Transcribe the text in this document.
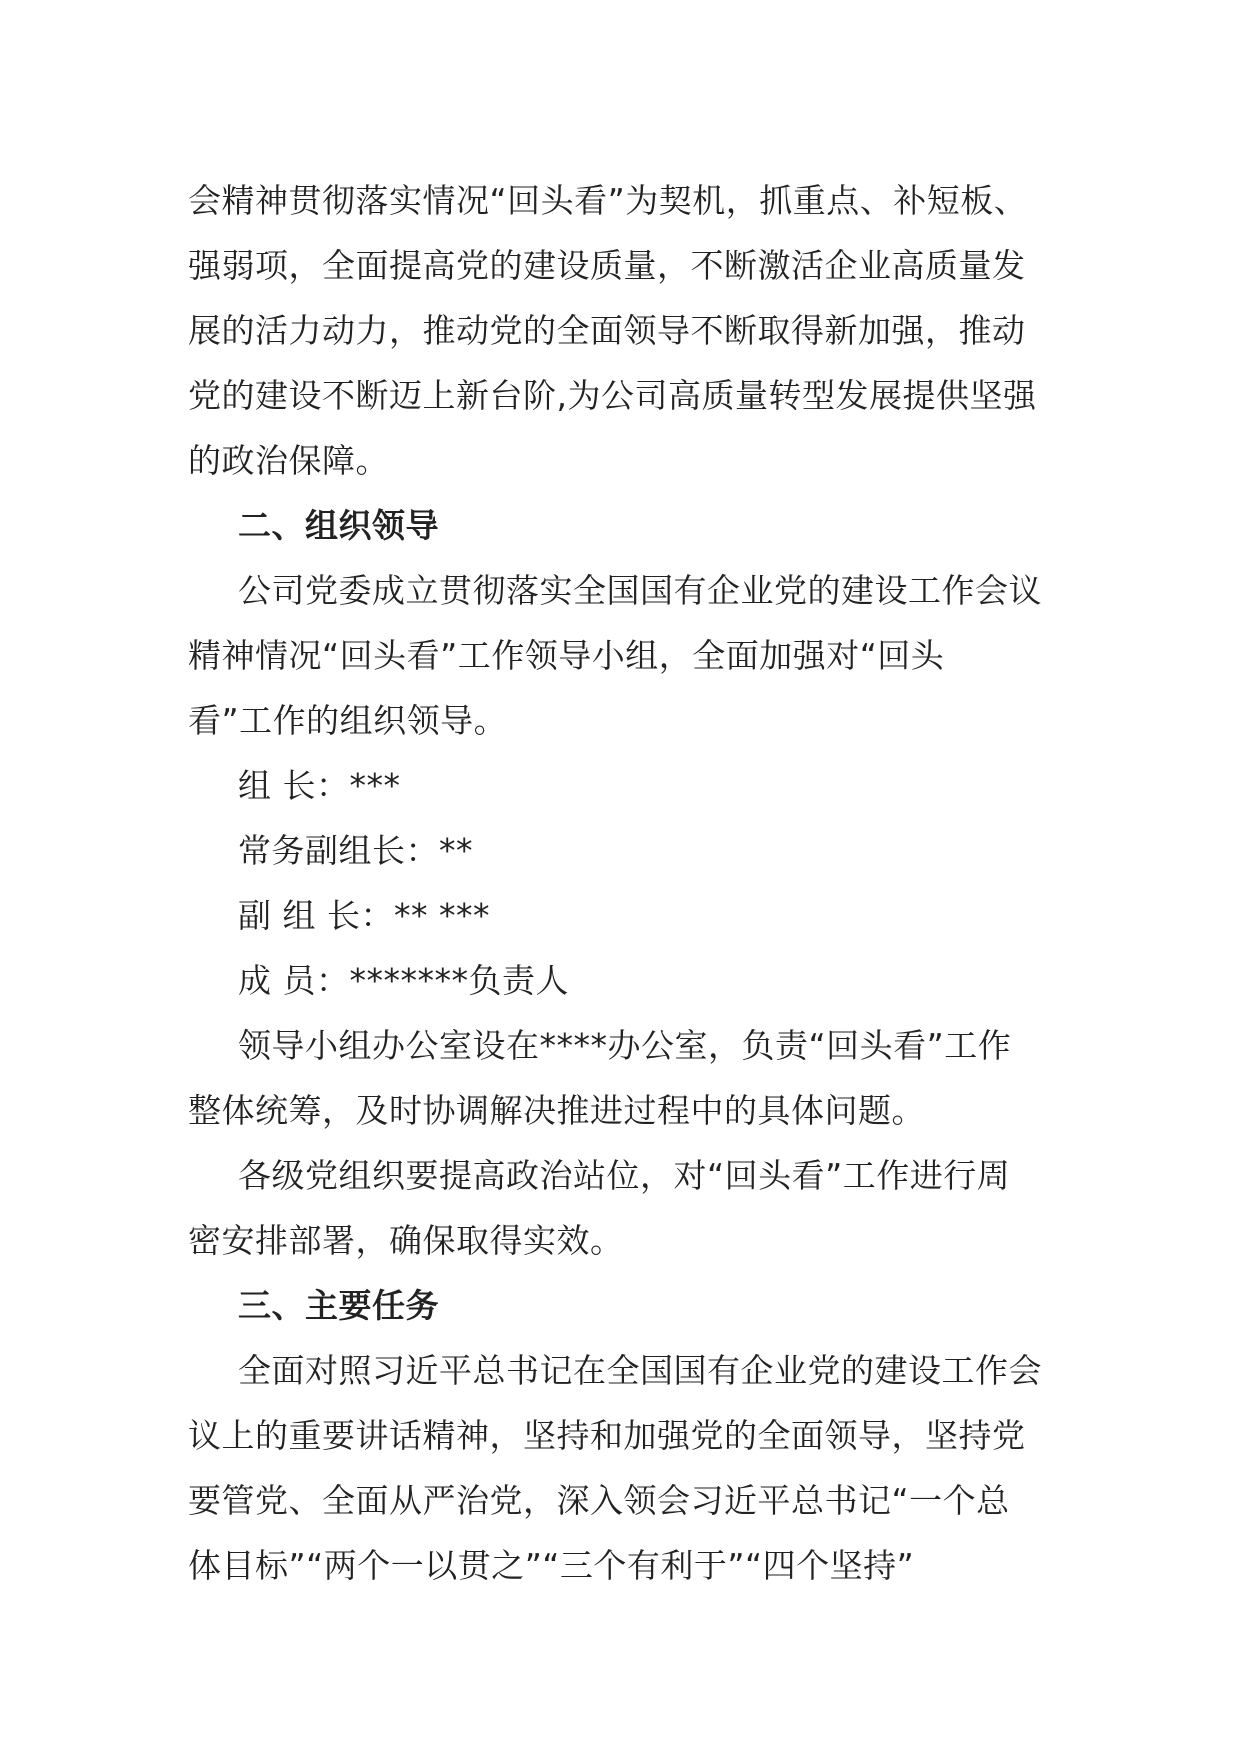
会精神贯彻落实情况“回头看”为契机，抓重点、补短板、
强弱项，全面提高党的建设质量，不断激活企业高质量发
展的活力动力，推动党的全面领导不断取得新加强，推动
党的建设不断迈上新台阶,为公司高质量转型发展提供坚强
的政治保障。
二、组织领导
公司党委成立贯彻落实全国国有企业党的建设工作会议
精神情况“回头看”工作领导小组，全面加强对“回头
看”工作的组织领导。
组 长：***
常务副组长：**
副 组 长：** ***
成 员：*******负责人
领导小组办公室设在****办公室，负责“回头看”工作
整体统筹，及时协调解决推进过程中的具体问题。
各级党组织要提高政治站位，对“回头看”工作进行周
密安排部署，确保取得实效。
三、主要任务
全面对照习近平总书记在全国国有企业党的建设工作会
议上的重要讲话精神，坚持和加强党的全面领导，坚持党
要管党、全面从严治党，深入领会习近平总书记“一个总
体目标”“两个一以贯之”“三个有利于”“四个坚持”
